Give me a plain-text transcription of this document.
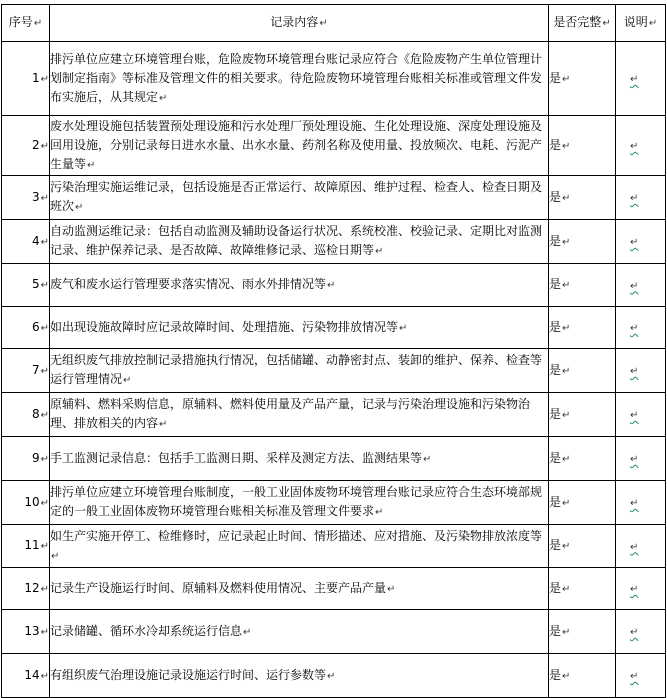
序号↵	记录内容↵	是否完整↵	说明↵
1↵	排污单位应建立环境管理台账，危险废物环境管理台账记录应符合《危险废物产生单位管理计划制定指南》等标准及管理文件的相关要求。待危险废物环境管理台账相关标准或管理文件发布实施后，从其规定↵	是↵	↵
2↵	废水处理设施包括装置预处理设施和污水处理厂预处理设施、生化处理设施、深度处理设施及回用设施，分别记录每日进水水量、出水水量、药剂名称及使用量、投放频次、电耗、污泥产生量等↵	是↵	↵
3↵	污染治理实施运维记录，包括设施是否正常运行、故障原因、维护过程、检查人、检查日期及班次↵	是↵	↵
4↵	自动监测运维记录：包括自动监测及辅助设备运行状况、系统校准、校验记录、定期比对监测记录、维护保养记录、是否故障、故障维修记录、巡检日期等↵	是↵	↵
5↵	废气和废水运行管理要求落实情况、雨水外排情况等↵	是↵	↵
6↵	如出现设施故障时应记录故障时间、处理措施、污染物排放情况等↵	是↵	↵
7↵	无组织废气排放控制记录措施执行情况，包括储罐、动静密封点、装卸的维护、保养、检查等运行管理情况↵	是↵	↵
8↵	原辅料、燃料采购信息，原辅料、燃料使用量及产品产量，记录与污染治理设施和污染物治理、排放相关的内容↵	是↵	↵
9↵	手工监测记录信息：包括手工监测日期、采样及测定方法、监测结果等↵	是↵	↵
10↵	排污单位应建立环境管理台账制度，一般工业固体废物环境管理台账记录应符合生态环境部规定的一般工业固体废物环境管理台账相关标准及管理文件要求↵	是↵	↵
11↵	如生产实施开停工、检维修时，应记录起止时间、情形描述、应对措施、及污染物排放浓度等↵	是↵	↵
12↵	记录生产设施运行时间、原辅料及燃料使用情况、主要产品产量↵	是↵	↵
13↵	记录储罐、循环水冷却系统运行信息↵	是↵	↵
14↵	有组织废气治理设施记录设施运行时间、运行参数等↵	是↵	↵
